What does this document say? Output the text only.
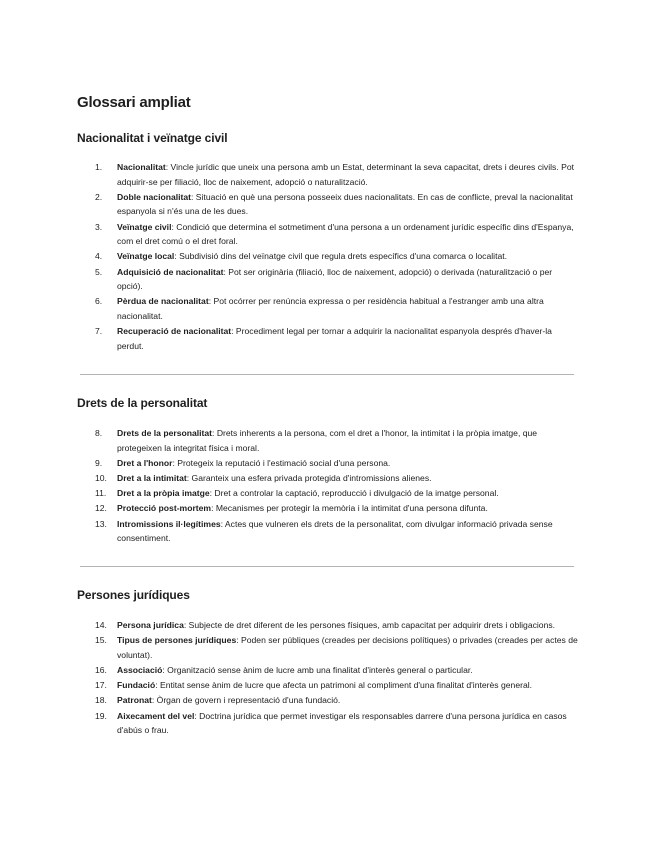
Glossari ampliat
Nacionalitat i veïnatge civil
1. Nacionalitat: Vincle jurídic que uneix una persona amb un Estat, determinant la seva capacitat, drets i deures civils. Pot adquirir-se per filiació, lloc de naixement, adopció o naturalització.
2. Doble nacionalitat: Situació en què una persona posseeix dues nacionalitats. En cas de conflicte, preval la nacionalitat espanyola si n'és una de les dues.
3. Veïnatge civil: Condició que determina el sotmetiment d'una persona a un ordenament jurídic específic dins d'Espanya, com el dret comú o el dret foral.
4. Veïnatge local: Subdivisió dins del veïnatge civil que regula drets específics d'una comarca o localitat.
5. Adquisició de nacionalitat: Pot ser originària (filiació, lloc de naixement, adopció) o derivada (naturalització o per opció).
6. Pèrdua de nacionalitat: Pot ocórrer per renúncia expressa o per residència habitual a l'estranger amb una altra nacionalitat.
7. Recuperació de nacionalitat: Procediment legal per tornar a adquirir la nacionalitat espanyola després d'haver-la perdut.
Drets de la personalitat
8. Drets de la personalitat: Drets inherents a la persona, com el dret a l'honor, la intimitat i la pròpia imatge, que protegeixen la integritat física i moral.
9. Dret a l'honor: Protegeix la reputació i l'estimació social d'una persona.
10. Dret a la intimitat: Garanteix una esfera privada protegida d'intromissions alienes.
11. Dret a la pròpia imatge: Dret a controlar la captació, reproducció i divulgació de la imatge personal.
12. Protecció post-mortem: Mecanismes per protegir la memòria i la intimitat d'una persona difunta.
13. Intromissions il·legítimes: Actes que vulneren els drets de la personalitat, com divulgar informació privada sense consentiment.
Persones jurídiques
14. Persona jurídica: Subjecte de dret diferent de les persones físiques, amb capacitat per adquirir drets i obligacions.
15. Tipus de persones jurídiques: Poden ser públiques (creades per decisions polítiques) o privades (creades per actes de voluntat).
16. Associació: Organització sense ànim de lucre amb una finalitat d'interès general o particular.
17. Fundació: Entitat sense ànim de lucre que afecta un patrimoni al compliment d'una finalitat d'interès general.
18. Patronat: Òrgan de govern i representació d'una fundació.
19. Aixecament del vel: Doctrina jurídica que permet investigar els responsables darrere d'una persona jurídica en casos d'abús o frau.
